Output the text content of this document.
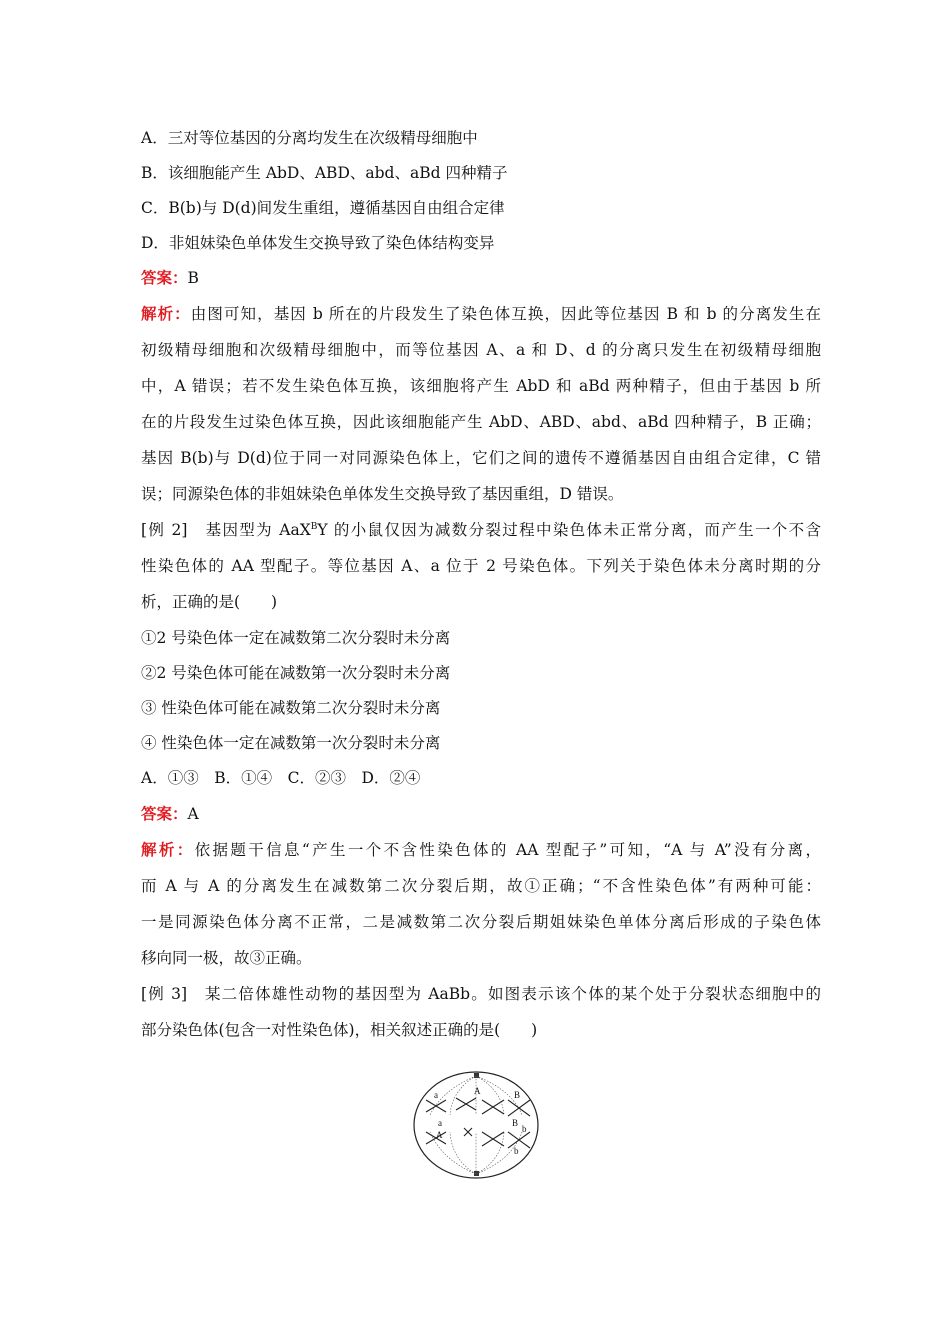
A．三对等位基因的分离均发生在次级精母细胞中
B．该细胞能产生 AbD、ABD、abd、aBd 四种精子
C．B(b)与 D(d)间发生重组，遵循基因自由组合定律
D．非姐妹染色单体发生交换导致了染色体结构变异
答案：B
解析：由图可知，基因 b 所在的片段发生了染色体互换，因此等位基因 B 和 b 的分离发生在
初级精母细胞和次级精母细胞中，而等位基因 A、a 和 D、d 的分离只发生在初级精母细胞
中，A 错误；若不发生染色体互换，该细胞将产生 AbD 和 aBd 两种精子，但由于基因 b 所
在的片段发生过染色体互换，因此该细胞能产生 AbD、ABD、abd、aBd 四种精子，B 正确；
基因 B(b)与 D(d)位于同一对同源染色体上，它们之间的遗传不遵循基因自由组合定律，C 错
误；同源染色体的非姐妹染色单体发生交换导致了基因重组，D 错误。
[例 2]　 基因型为 AaX$^B$Y 的小鼠仅因为减数分裂过程中染色体未正常分离，而产生一个不含
性染色体的 AA 型配子。等位基因 A、a 位于 2 号染色体。下列关于染色体未分离时期的分
析，正确的是(　　)
①2 号染色体一定在减数第二次分裂时未分离
②2 号染色体可能在减数第一次分裂时未分离
③ 性染色体可能在减数第二次分裂时未分离
④ 性染色体一定在减数第一次分裂时未分离
A．①③　B．①④　C．②③　D．②④
答案：A
解析：依据题干信息“产生一个不含性染色体的 AA 型配子”可知，“A 与 A”没有分离，
而 A 与 A 的分离发生在减数第二次分裂后期，故①正确；“不含性染色体”有两种可能：
一是同源染色体分离不正常，二是减数第二次分裂后期姐妹染色单体分离后形成的子染色体
移向同一极，故③正确。
[例 3]　 某二倍体雄性动物的基因型为 AaBb。如图表示该个体的某个处于分裂状态细胞中的
部分染色体(包含一对性染色体)，相关叙述正确的是(　　)
a	A
a
A
B
B
b
b
